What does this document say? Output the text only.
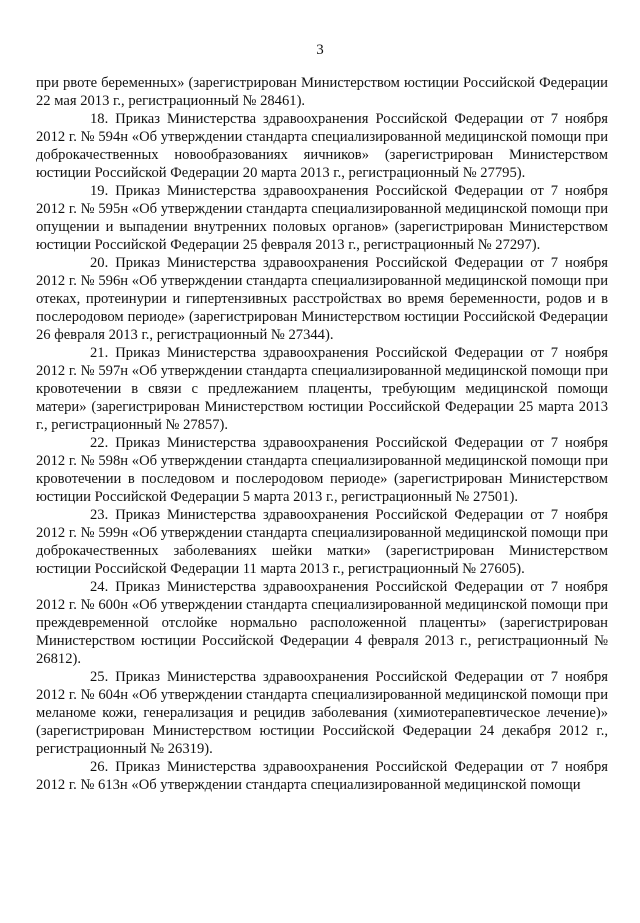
3

при рвоте беременных» (зарегистрирован Министерством юстиции Российской Федерации 22 мая 2013 г., регистрационный № 28461).

18. Приказ Министерства здравоохранения Российской Федерации от 7 ноября 2012 г. № 594н «Об утверждении стандарта специализированной медицинской помощи при доброкачественных новообразованиях яичников» (зарегистрирован Министерством юстиции Российской Федерации 20 марта 2013 г., регистрационный № 27795).

19. Приказ Министерства здравоохранения Российской Федерации от 7 ноября 2012 г. № 595н «Об утверждении стандарта специализированной медицинской помощи при опущении и выпадении внутренних половых органов» (зарегистрирован Министерством юстиции Российской Федерации 25 февраля 2013 г., регистрационный № 27297).

20. Приказ Министерства здравоохранения Российской Федерации от 7 ноября 2012 г. № 596н «Об утверждении стандарта специализированной медицинской помощи при отеках, протеинурии и гипертензивных расстройствах во время беременности, родов и в послеродовом периоде» (зарегистрирован Министерством юстиции Российской Федерации 26 февраля 2013 г., регистрационный № 27344).

21. Приказ Министерства здравоохранения Российской Федерации от 7 ноября 2012 г. № 597н «Об утверждении стандарта специализированной медицинской помощи при кровотечении в связи с предлежанием плаценты, требующим медицинской помощи матери» (зарегистрирован Министерством юстиции Российской Федерации 25 марта 2013 г., регистрационный № 27857).

22. Приказ Министерства здравоохранения Российской Федерации от 7 ноября 2012 г. № 598н «Об утверждении стандарта специализированной медицинской помощи при кровотечении в последовом и послеродовом периоде» (зарегистрирован Министерством юстиции Российской Федерации 5 марта 2013 г., регистрационный № 27501).

23. Приказ Министерства здравоохранения Российской Федерации от 7 ноября 2012 г. № 599н «Об утверждении стандарта специализированной медицинской помощи при доброкачественных заболеваниях шейки матки» (зарегистрирован Министерством юстиции Российской Федерации 11 марта 2013 г., регистрационный № 27605).

24. Приказ Министерства здравоохранения Российской Федерации от 7 ноября 2012 г. № 600н «Об утверждении стандарта специализированной медицинской помощи при преждевременной отслойке нормально расположенной плаценты» (зарегистрирован Министерством юстиции Российской Федерации 4 февраля 2013 г., регистрационный № 26812).

25. Приказ Министерства здравоохранения Российской Федерации от 7 ноября 2012 г. № 604н «Об утверждении стандарта специализированной медицинской помощи при меланоме кожи, генерализация и рецидив заболевания (химиотерапевтическое лечение)» (зарегистрирован Министерством юстиции Российской Федерации 24 декабря 2012 г., регистрационный № 26319).

26. Приказ Министерства здравоохранения Российской Федерации от 7 ноября 2012 г. № 613н «Об утверждении стандарта специализированной медицинской помощи
